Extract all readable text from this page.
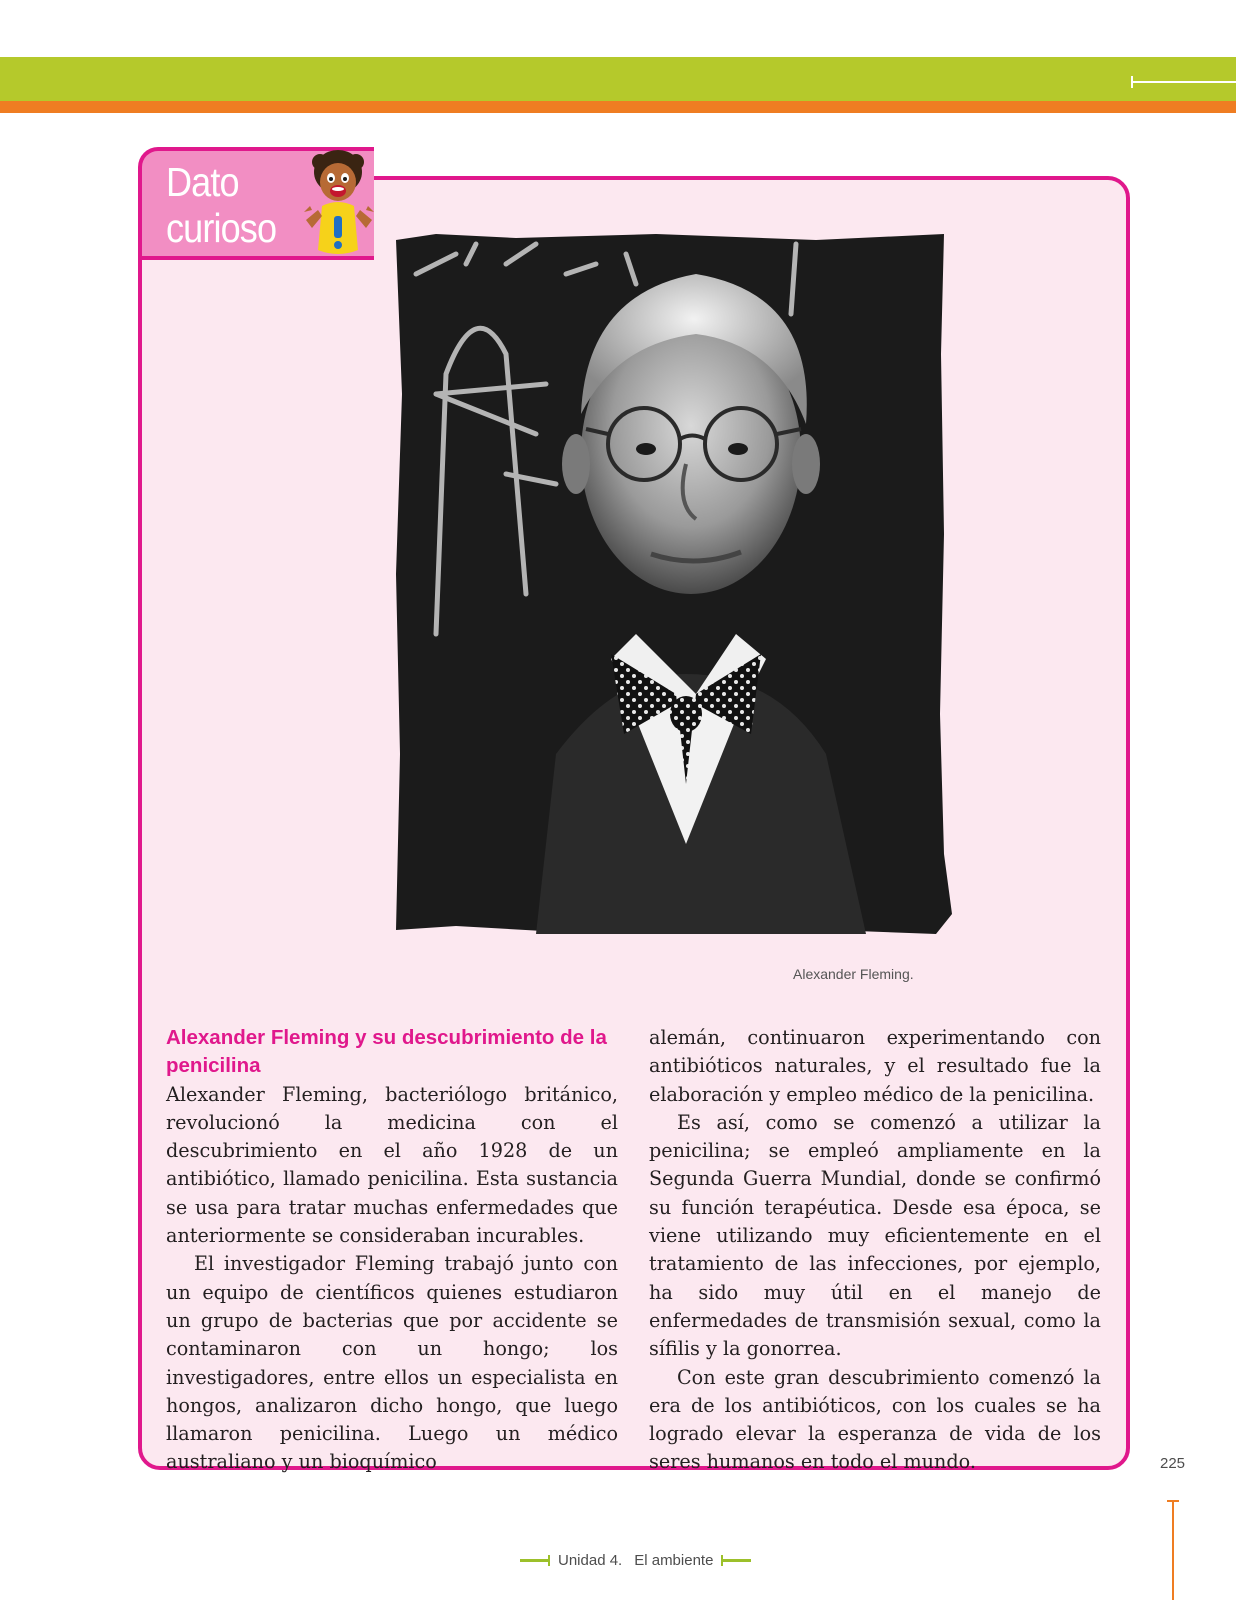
Dato curioso
Alexander Fleming.
Alexander Fleming y su descubrimiento de la penicilina

Alexander Fleming, bacteriólogo británico, revolucionó la medicina con el descubrimiento en el año 1928 de un antibiótico, llamado penicilina. Esta sustancia se usa para tratar muchas enfermedades que anteriormente se consideraban incurables.

El investigador Fleming trabajó junto con un equipo de científicos quienes estudiaron un grupo de bacterias que por accidente se contaminaron con un hongo; los investigadores, entre ellos un especialista en hongos, analizaron dicho hongo, que luego llamaron penicilina. Luego un médico australiano y un bioquímico

alemán, continuaron experimentando con antibióticos naturales, y el resultado fue la elaboración y empleo médico de la penicilina.

Es así, como se comenzó a utilizar la penicilina; se empleó ampliamente en la Segunda Guerra Mundial, donde se confirmó su función terapéutica. Desde esa época, se viene utilizando muy eficientemente en el tratamiento de las infecciones, por ejemplo, ha sido muy útil en el manejo de enfermedades de transmisión sexual, como la sífilis y la gonorrea.

Con este gran descubrimiento comenzó la era de los antibióticos, con los cuales se ha logrado elevar la esperanza de vida de los seres humanos en todo el mundo.	225
Unidad 4. El ambiente
